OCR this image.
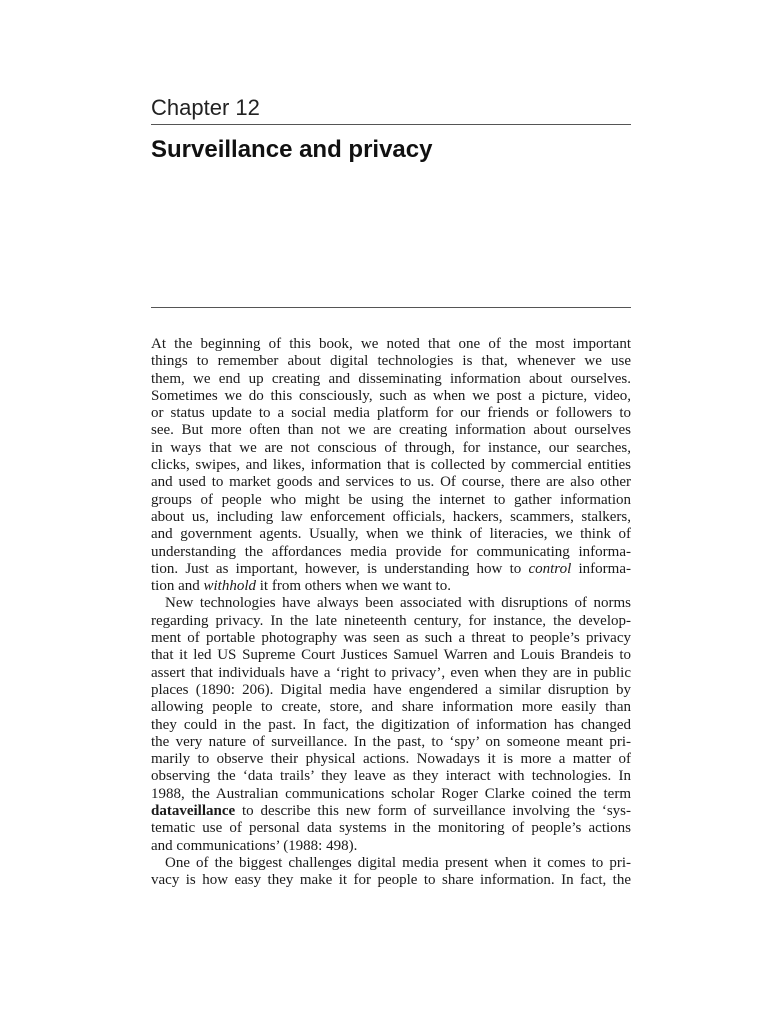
Chapter 12
Surveillance and privacy
At the beginning of this book, we noted that one of the most important
things to remember about digital technologies is that, whenever we use
them, we end up creating and disseminating information about ourselves.
Sometimes we do this consciously, such as when we post a picture, video,
or status update to a social media platform for our friends or followers to
see. But more often than not we are creating information about ourselves
in ways that we are not conscious of through, for instance, our searches,
clicks, swipes, and likes, information that is collected by commercial entities
and used to market goods and services to us. Of course, there are also other
groups of people who might be using the internet to gather information
about us, including law enforcement officials, hackers, scammers, stalkers,
and government agents. Usually, when we think of literacies, we think of
understanding the affordances media provide for communicating informa-
tion. Just as important, however, is understanding how to control informa-
tion and withhold it from others when we want to.
New technologies have always been associated with disruptions of norms
regarding privacy. In the late nineteenth century, for instance, the develop-
ment of portable photography was seen as such a threat to people’s privacy
that it led US Supreme Court Justices Samuel Warren and Louis Brandeis to
assert that individuals have a ‘right to privacy’, even when they are in public
places (1890: 206). Digital media have engendered a similar disruption by
allowing people to create, store, and share information more easily than
they could in the past. In fact, the digitization of information has changed
the very nature of surveillance. In the past, to ‘spy’ on someone meant pri-
marily to observe their physical actions. Nowadays it is more a matter of
observing the ‘data trails’ they leave as they interact with technologies. In
1988, the Australian communications scholar Roger Clarke coined the term
dataveillance to describe this new form of surveillance involving the ‘sys-
tematic use of personal data systems in the monitoring of people’s actions
and communications’ (1988: 498).
One of the biggest challenges digital media present when it comes to pri-
vacy is how easy they make it for people to share information. In fact, the
